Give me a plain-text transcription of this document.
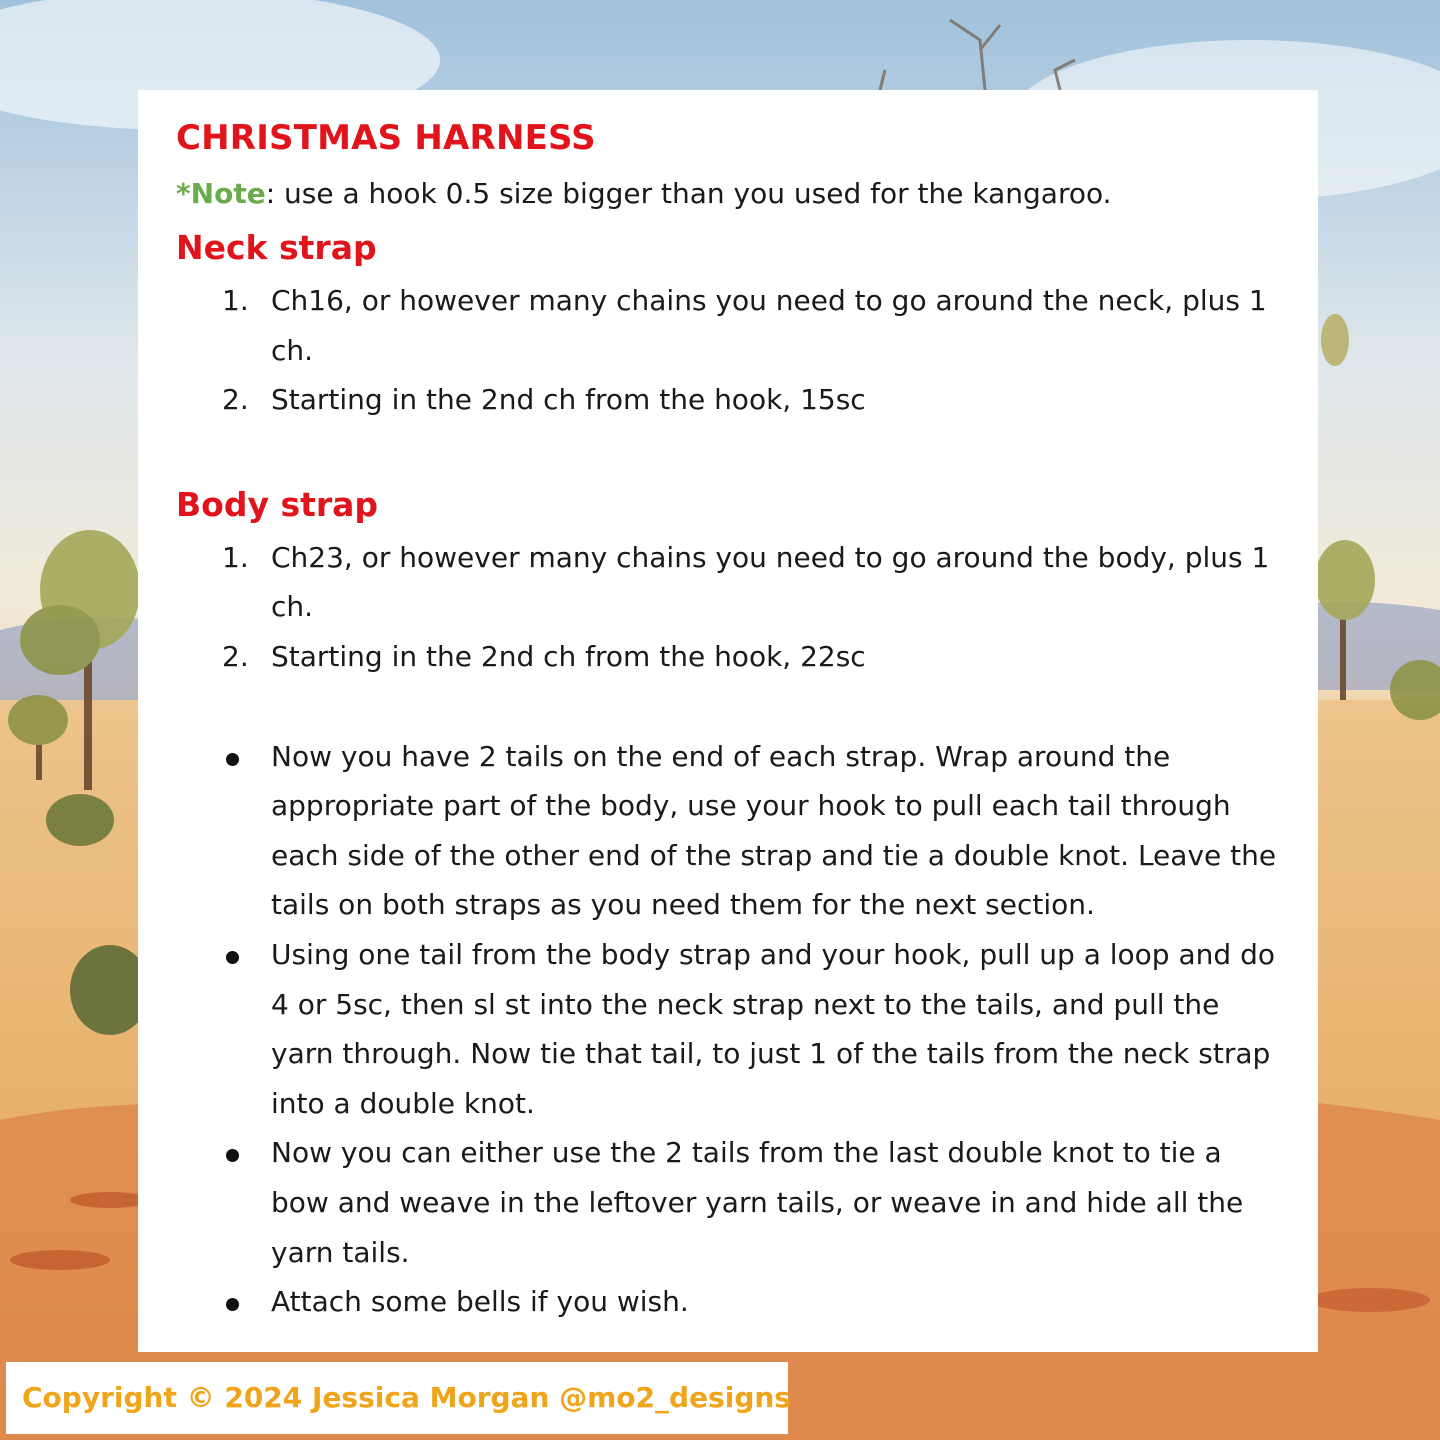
CHRISTMAS HARNESS
*Note: use a hook 0.5 size bigger than you used for the kangaroo.
Neck strap
1. Ch16, or however many chains you need to go around the neck, plus 1 ch.
2. Starting in the 2nd ch from the hook, 15sc
Body strap
1. Ch23, or however many chains you need to go around the body, plus 1 ch.
2. Starting in the 2nd ch from the hook, 22sc
Now you have 2 tails on the end of each strap. Wrap around the appropriate part of the body, use your hook to pull each tail through each side of the other end of the strap and tie a double knot. Leave the tails on both straps as you need them for the next section.
Using one tail from the body strap and your hook, pull up a loop and do 4 or 5sc, then sl st into the neck strap next to the tails, and pull the yarn through. Now tie that tail, to just 1 of the tails from the neck strap into a double knot.
Now you can either use the 2 tails from the last double knot to tie a bow and weave in the leftover yarn tails, or weave in and hide all the yarn tails.
Attach some bells if you wish.
Copyright © 2024 Jessica Morgan @mo2_designs
